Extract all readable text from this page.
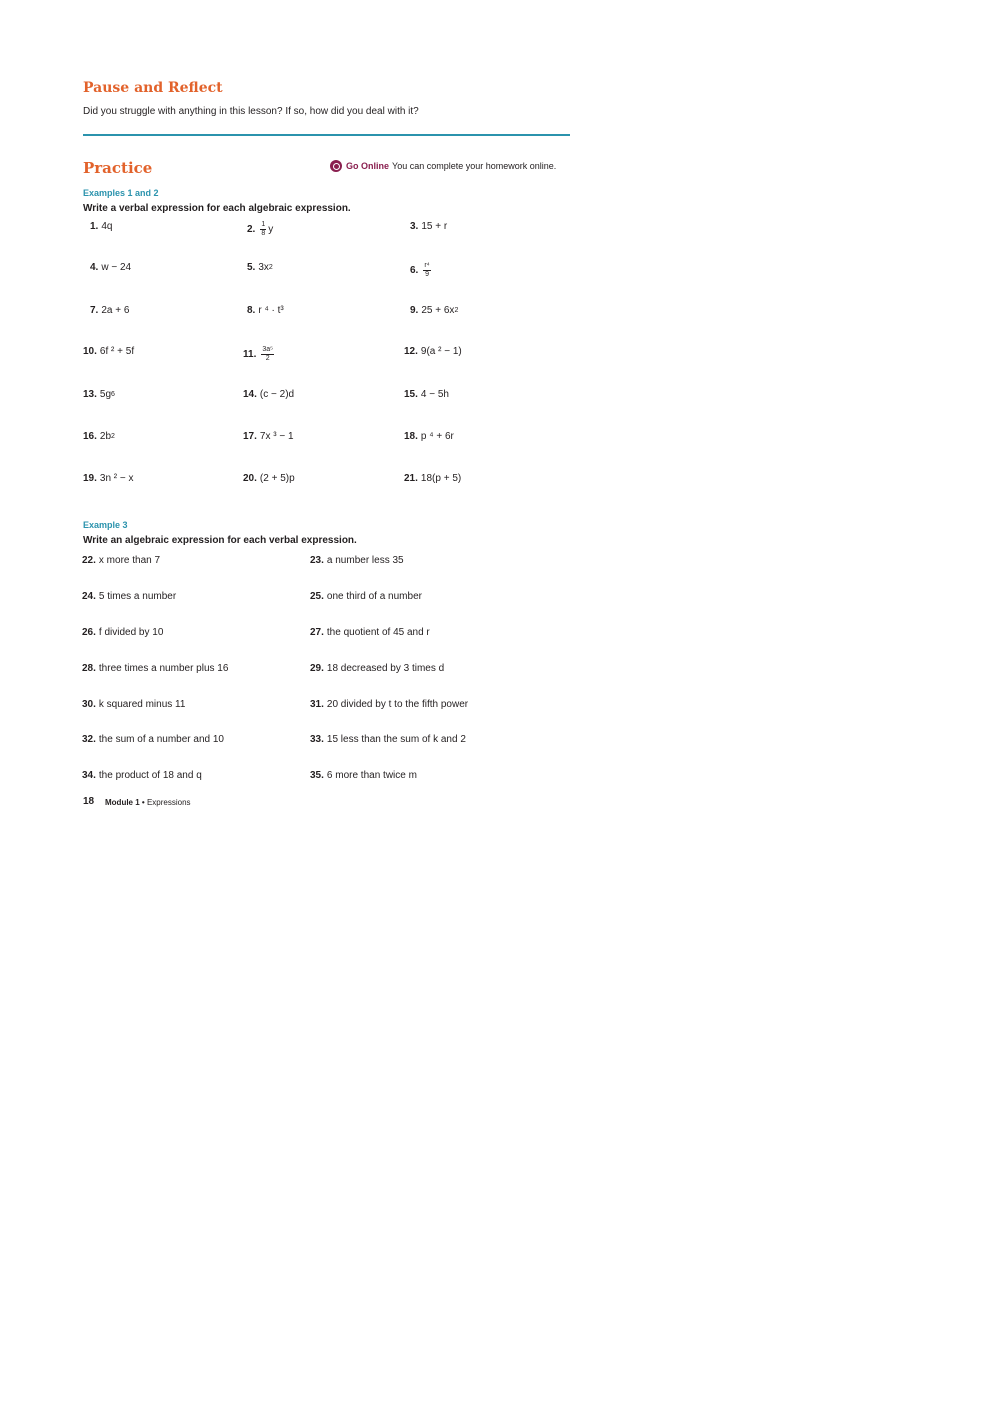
Pause and Reflect
Did you struggle with anything in this lesson? If so, how did you deal with it?
Practice	Go Online You can complete your homework online.
Examples 1 and 2
Write a verbal expression for each algebraic expression.
1. 4q	2. $\frac{1}{8}$ y	3. 15 + r
4. w − 24	5. 3x 2	6. $\frac{\text{r⁴}}{9}$
7. 2a + 6	8. r ⁴ · t³	9. 25 + 6x 2
10. 6f ² + 5f	11. $\frac{\text{3a⁵}}{2}$	12. 9(a ² − 1)
13. 5g 6	14. (c − 2)d	15. 4 − 5h
16. 2b 2	17. 7x ³ − 1	18. p ⁴ + 6r
19. 3n ² − x	20. (2 + 5)p	21. 18(p + 5)
Example 3
Write an algebraic expression for each verbal expression.
22. x more than 7	23. a number less 35
24. 5 times a number	25. one third of a number
26. f divided by 10	27. the quotient of 45 and r
28. three times a number plus 16	29. 18 decreased by 3 times d
30. k squared minus 11	31. 20 divided by t to the fifth power
32. the sum of a number and 10	33. 15 less than the sum of k and 2
34. the product of 18 and q	35. 6 more than twice m
18 Module 1 • Expressions
